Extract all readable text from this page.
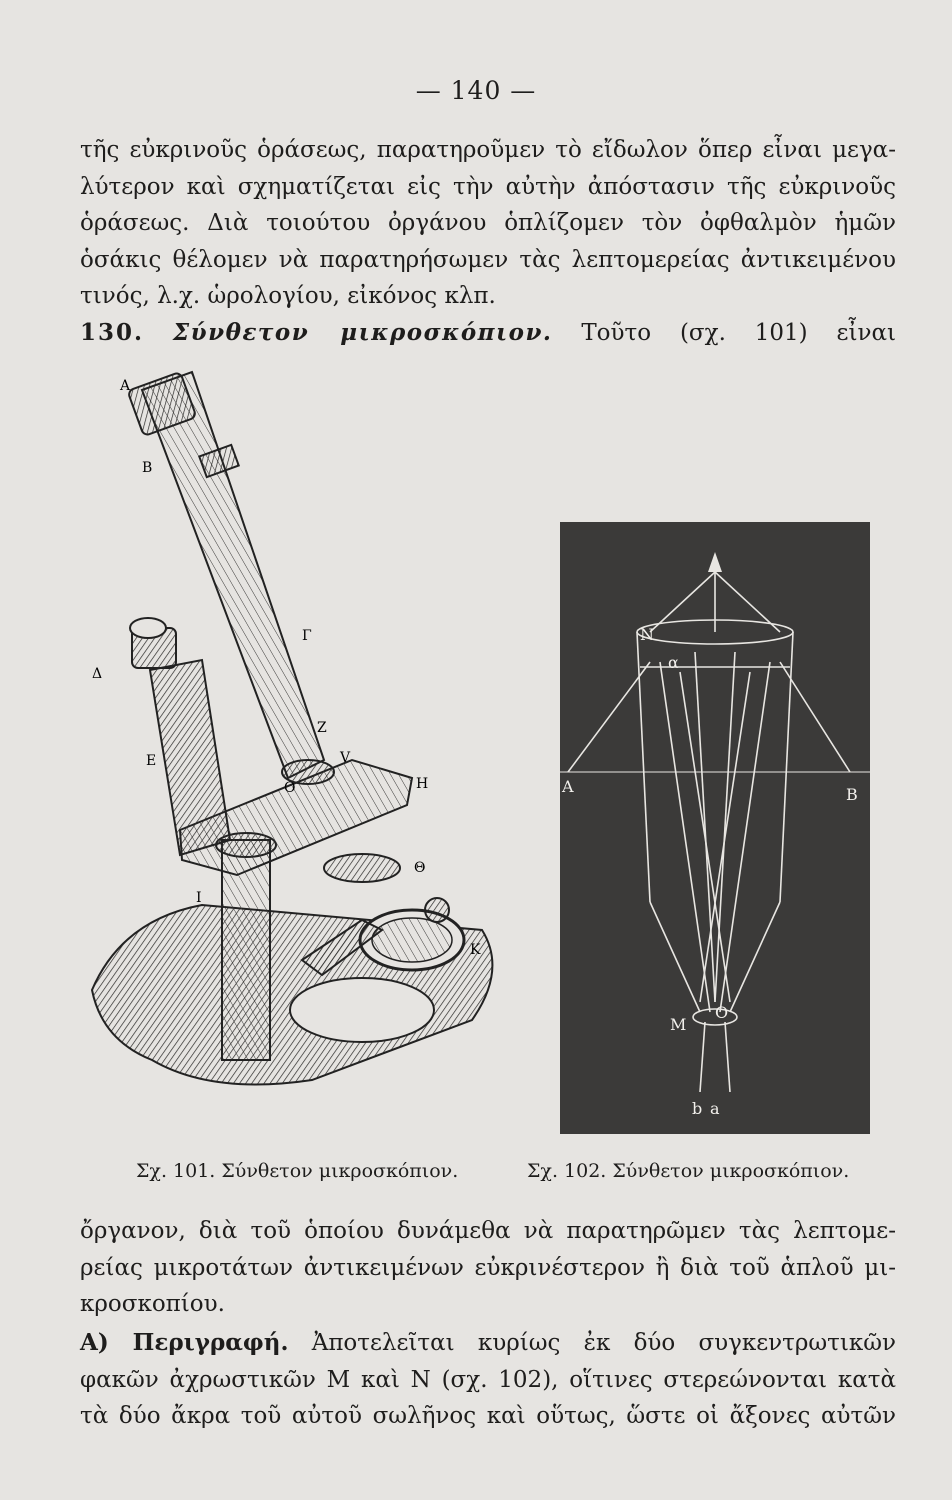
— 140 —
τῆς εὐκρινοῦς ὁράσεως, παρατηροῦμεν τὸ εἴδωλον ὅπερ εἶναι μεγα-
λύτερον καὶ σχηματίζεται εἰς τὴν αὐτὴν ἀπόστασιν τῆς εὐκρινοῦς
ὁράσεως. Διὰ τοιούτου ὀργάνου ὁπλίζομεν τὸν ὀφθαλμὸν ἡμῶν
ὁσάκις θέλομεν νὰ παρατηρήσωμεν τὰς λεπτομερείας ἀντικειμένου
τινός, λ.χ. ὡρολογίου, εἰκόνος κλπ.
130. Σύνθετον μικροσκόπιον. Τοῦτο (σχ. 101) εἶναι
A
B
Γ
Δ
Z
V
E
O	H
Θ
I
K
N
α
A	B
M
O
b a
Σχ. 101. Σύνθετον μικροσκόπιον.	Σχ. 102. Σύνθετον μικροσκόπιον.
ὄργανον, διὰ τοῦ ὁποίου δυνάμεθα νὰ παρατηρῶμεν τὰς λεπτομε-
ρείας μικροτάτων ἀντικειμένων εὐκρινέστερον ἢ διὰ τοῦ ἁπλοῦ μι-
κροσκοπίου.
Α) Περιγραφή. Ἀποτελεῖται κυρίως ἐκ δύο συγκεντρωτικῶν
φακῶν ἀχρωστικῶν Μ καὶ Ν (σχ. 102), οἵτινες στερεώνονται κατὰ
τὰ δύο ἄκρα τοῦ αὐτοῦ σωλῆνος καὶ οὕτως, ὥστε οἱ ἄξονες αὐτῶν
